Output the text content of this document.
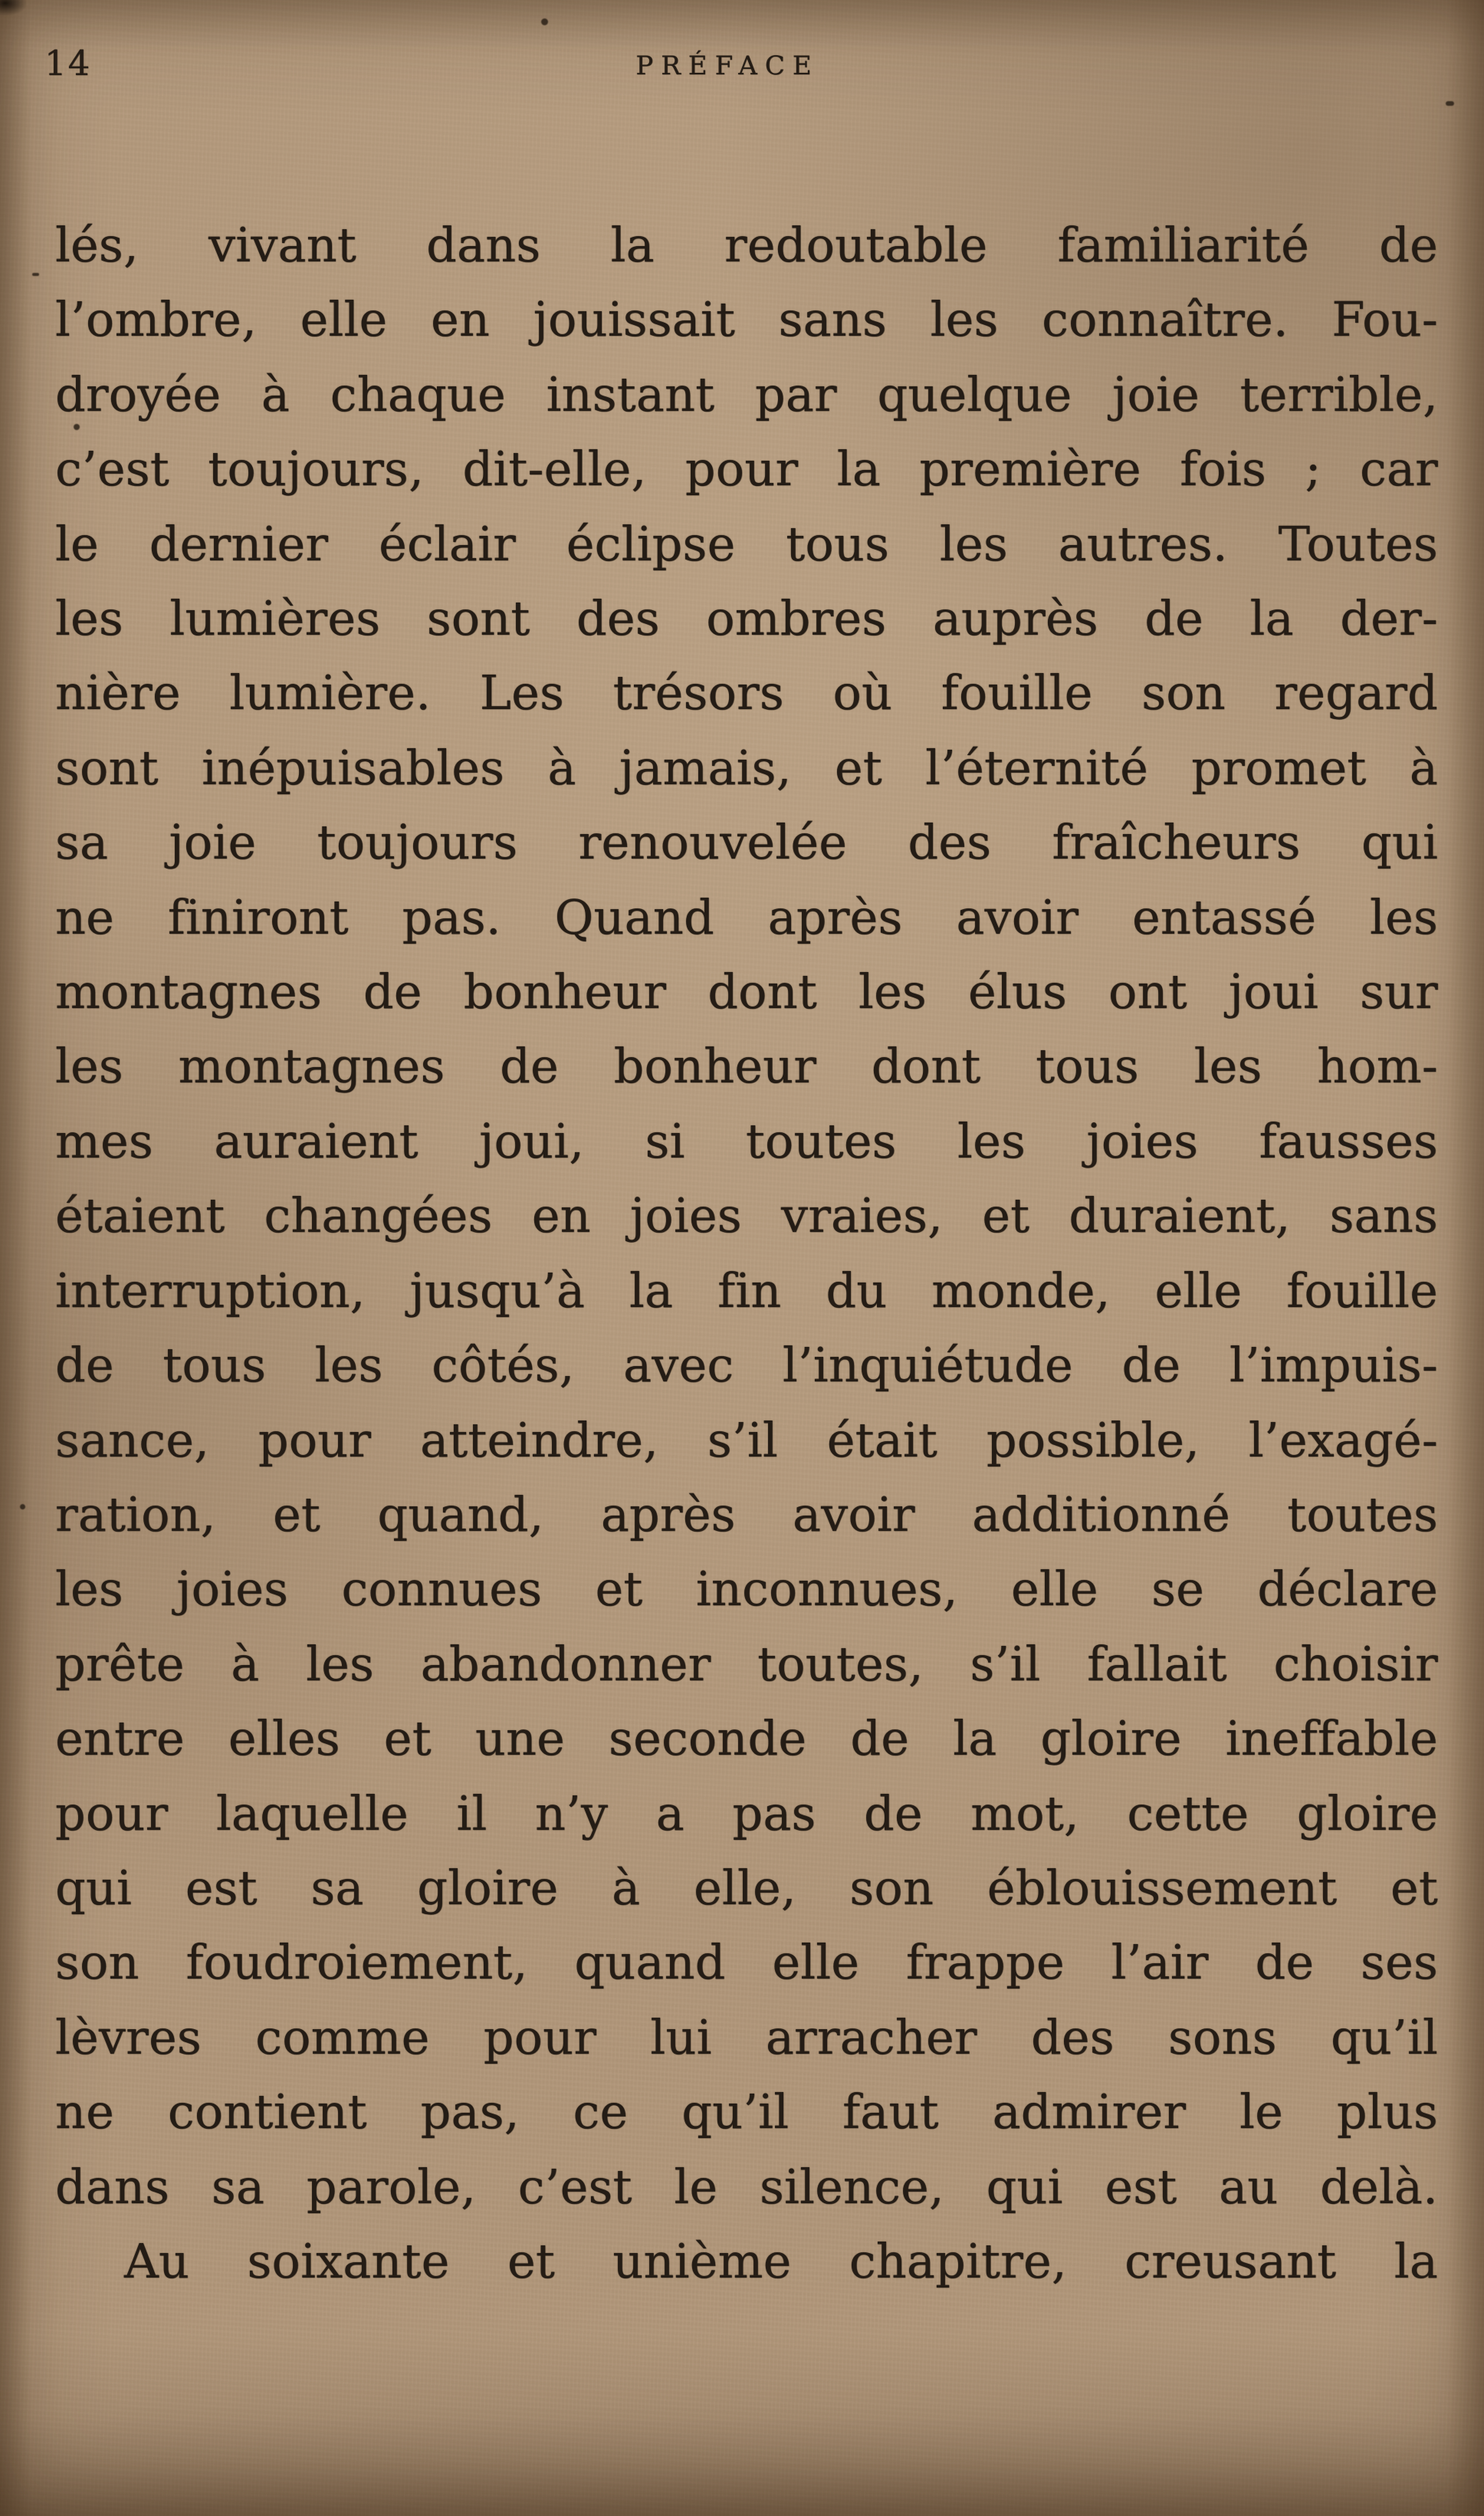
14	PRÉFACE
lés, vivant dans la redoutable familiarité de
l’ombre, elle en jouissait sans les connaître. Fou-
droyée à chaque instant par quelque joie terrible,
c’est toujours, dit-elle, pour la première fois ; car
le dernier éclair éclipse tous les autres. Toutes
les lumières sont des ombres auprès de la der-
nière lumière. Les trésors où fouille son regard
sont inépuisables à jamais, et l’éternité promet à
sa joie toujours renouvelée des fraîcheurs qui
ne finiront pas. Quand après avoir entassé les
montagnes de bonheur dont les élus ont joui sur
les montagnes de bonheur dont tous les hom-
mes auraient joui, si toutes les joies fausses
étaient changées en joies vraies, et duraient, sans
interruption, jusqu’à la fin du monde, elle fouille
de tous les côtés, avec l’inquiétude de l’impuis-
sance, pour atteindre, s’il était possible, l’exagé-
ration, et quand, après avoir additionné toutes
les joies connues et inconnues, elle se déclare
prête à les abandonner toutes, s’il fallait choisir
entre elles et une seconde de la gloire ineffable
pour laquelle il n’y a pas de mot, cette gloire
qui est sa gloire à elle, son éblouissement et
son foudroiement, quand elle frappe l’air de ses
lèvres comme pour lui arracher des sons qu’il
ne contient pas, ce qu’il faut admirer le plus
dans sa parole, c’est le silence, qui est au delà.
Au soixante et unième chapitre, creusant la
